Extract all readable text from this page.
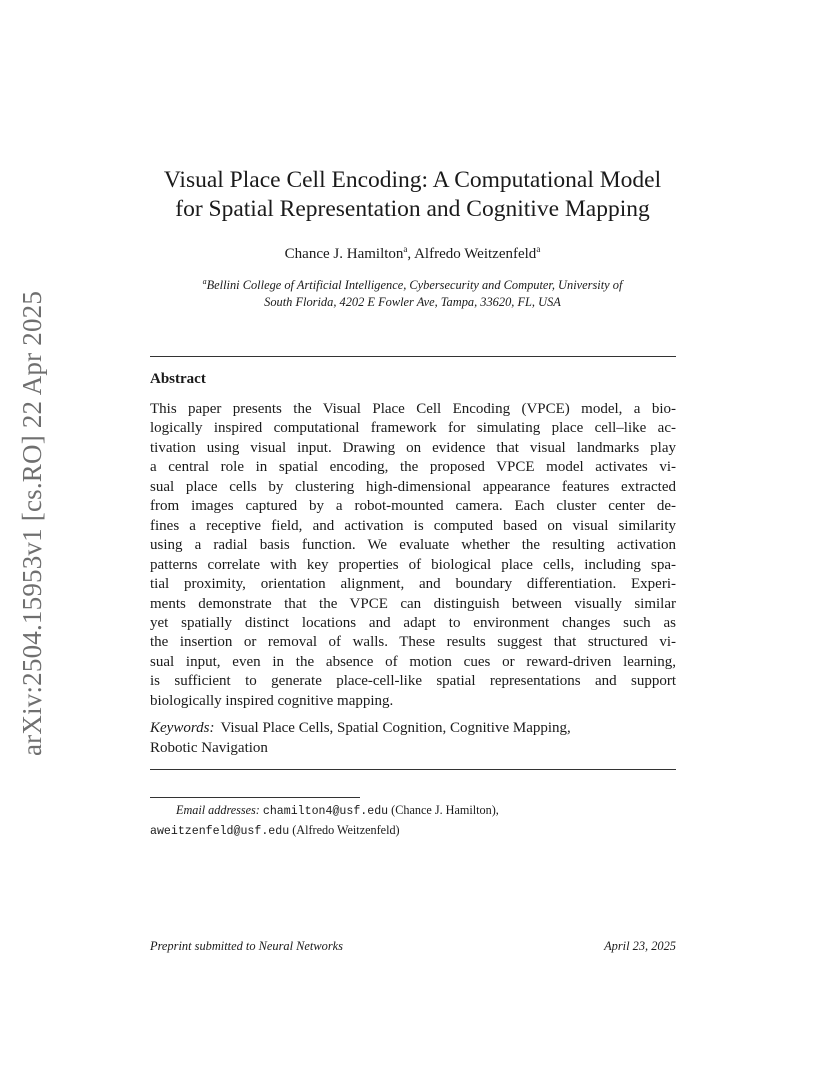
arXiv:2504.15953v1 [cs.RO] 22 Apr 2025
Visual Place Cell Encoding: A Computational Model
for Spatial Representation and Cognitive Mapping
Chance J. Hamilton$^a$, Alfredo Weitzenfeld$^a$
$^a$Bellini College of Artificial Intelligence, Cybersecurity and Computer, University of
South Florida, 4202 E Fowler Ave, Tampa, 33620, FL, USA
Abstract
This paper presents the Visual Place Cell Encoding (VPCE) model, a bio-
logically inspired computational framework for simulating place cell–like ac-
tivation using visual input. Drawing on evidence that visual landmarks play
a central role in spatial encoding, the proposed VPCE model activates vi-
sual place cells by clustering high-dimensional appearance features extracted
from images captured by a robot-mounted camera. Each cluster center de-
fines a receptive field, and activation is computed based on visual similarity
using a radial basis function. We evaluate whether the resulting activation
patterns correlate with key properties of biological place cells, including spa-
tial proximity, orientation alignment, and boundary differentiation. Experi-
ments demonstrate that the VPCE can distinguish between visually similar
yet spatially distinct locations and adapt to environment changes such as
the insertion or removal of walls. These results suggest that structured vi-
sual input, even in the absence of motion cues or reward-driven learning,
is sufficient to generate place-cell-like spatial representations and support
biologically inspired cognitive mapping.
Keywords: Visual Place Cells, Spatial Cognition, Cognitive Mapping,
Robotic Navigation
Email addresses: chamilton4@usf.edu (Chance J. Hamilton),
aweitzenfeld@usf.edu (Alfredo Weitzenfeld)
Preprint submitted to Neural Networks	April 23, 2025
